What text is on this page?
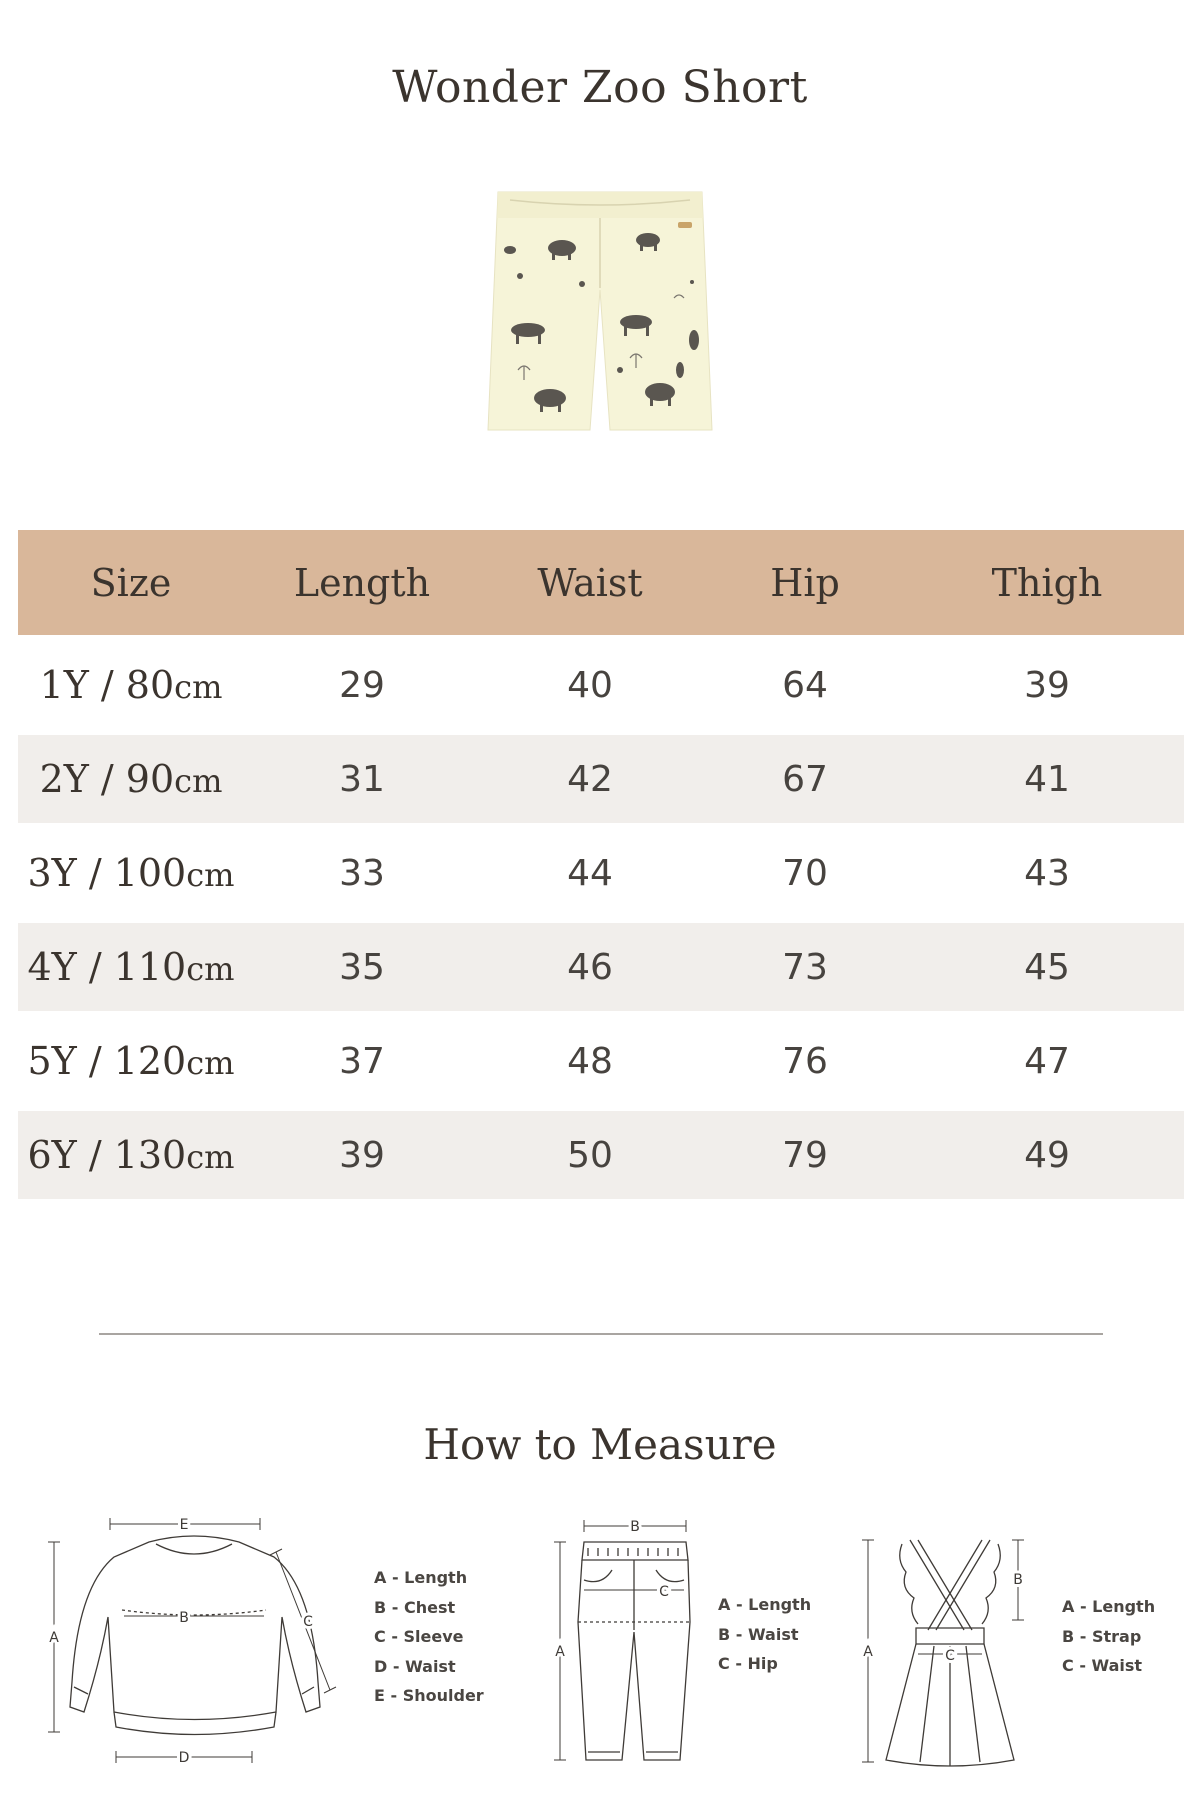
Wonder Zoo Short
Size	Length	Waist	Hip	Thigh
1Y / 80cm	29	40	64	39
2Y / 90cm	31	42	67	41
3Y / 100cm	33	44	70	43
4Y / 110cm	35	46	73	45
5Y / 120cm	37	48	76	47
6Y / 130cm	39	50	79	49
How to Measure
A
E
B	C
D
A - Length
B - Chest
C - Sleeve
D - Waist
E - Shoulder
A
B
C
A - Length
B - Waist
C - Hip
A
B
C
A - Length
B - Strap
C - Waist
